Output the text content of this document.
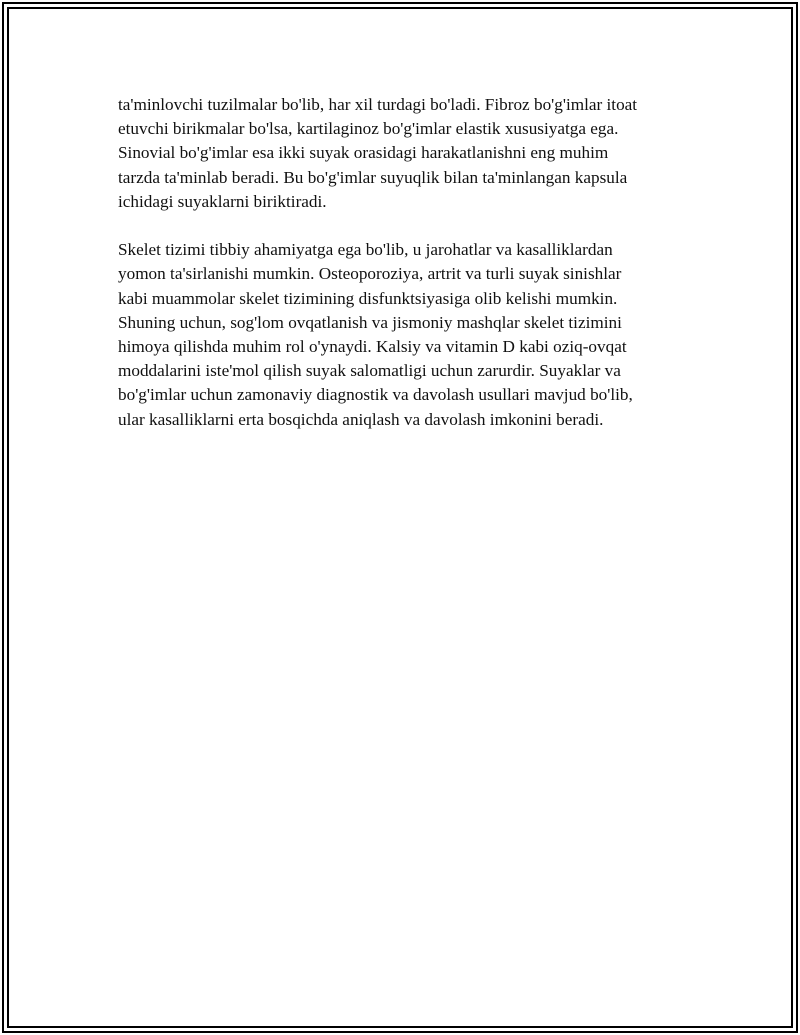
ta'minlovchi tuzilmalar bo'lib, har xil turdagi bo'ladi. Fibroz bo'g'imlar itoat
etuvchi birikmalar bo'lsa, kartilaginoz bo'g'imlar elastik xususiyatga ega.
Sinovial bo'g'imlar esa ikki suyak orasidagi harakatlanishni eng muhim
tarzda ta'minlab beradi. Bu bo'g'imlar suyuqlik bilan ta'minlangan kapsula
ichidagi suyaklarni biriktiradi.

Skelet tizimi tibbiy ahamiyatga ega bo'lib, u jarohatlar va kasalliklardan
yomon ta'sirlanishi mumkin. Osteoporoziya, artrit va turli suyak sinishlar
kabi muammolar skelet tizimining disfunktsiyasiga olib kelishi mumkin.
Shuning uchun, sog'lom ovqatlanish va jismoniy mashqlar skelet tizimini
himoya qilishda muhim rol o'ynaydi. Kalsiy va vitamin D kabi oziq-ovqat
moddalarini iste'mol qilish suyak salomatligi uchun zarurdir. Suyaklar va
bo'g'imlar uchun zamonaviy diagnostik va davolash usullari mavjud bo'lib,
ular kasalliklarni erta bosqichda aniqlash va davolash imkonini beradi.
